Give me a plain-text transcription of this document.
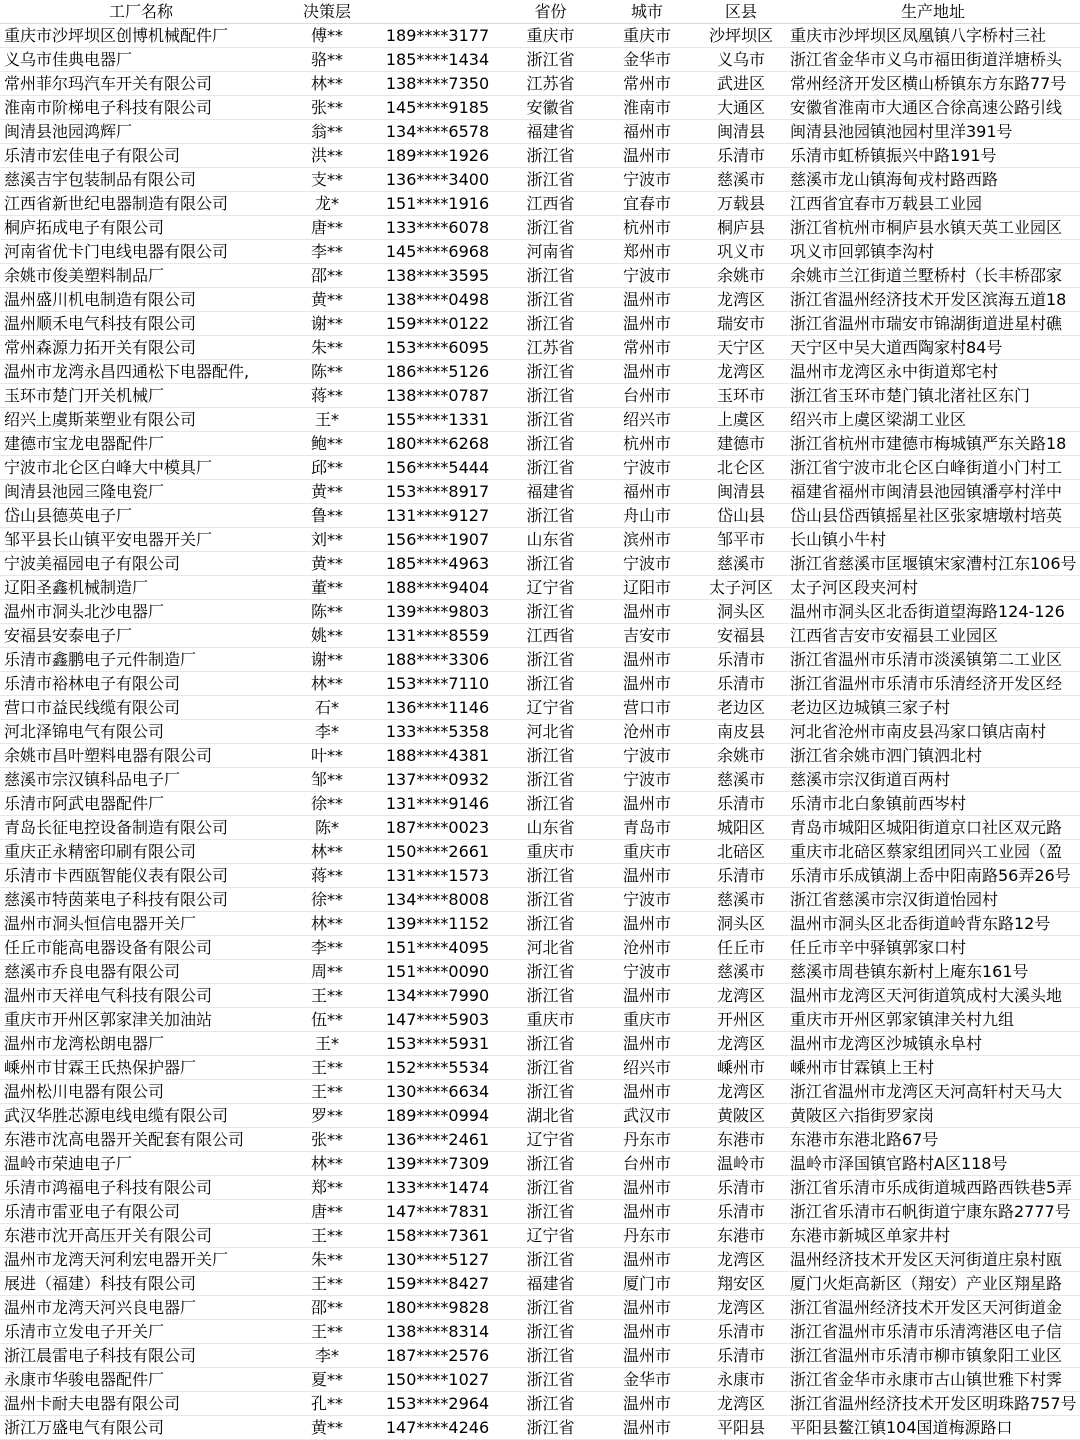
工厂名称	决策层		省份	城市	区县	生产地址
重庆市沙坪坝区创博机械配件厂	傅**	189****3177	重庆市	重庆市	沙坪坝区	重庆市沙坪坝区凤凰镇八字桥村三社
义乌市佳典电器厂	骆**	185****1434	浙江省	金华市	义乌市	浙江省金华市义乌市福田街道洋塘桥头
常州菲尔玛汽车开关有限公司	林**	138****7350	江苏省	常州市	武进区	常州经济开发区横山桥镇东方东路77号
淮南市阶梯电子科技有限公司	张**	145****9185	安徽省	淮南市	大通区	安徽省淮南市大通区合徐高速公路引线
闽清县池园鸿辉厂	翁**	134****6578	福建省	福州市	闽清县	闽清县池园镇池园村里洋391号
乐清市宏佳电子有限公司	洪**	189****1926	浙江省	温州市	乐清市	乐清市虹桥镇振兴中路191号
慈溪吉宇包装制品有限公司	支**	136****3400	浙江省	宁波市	慈溪市	慈溪市龙山镇海甸戎村路西路
江西省新世纪电器制造有限公司	龙*	151****1916	江西省	宜春市	万载县	江西省宜春市万载县工业园
桐庐拓成电子有限公司	唐**	133****6078	浙江省	杭州市	桐庐县	浙江省杭州市桐庐县水镇天英工业园区
河南省优卡门电线电器有限公司	李**	145****6968	河南省	郑州市	巩义市	巩义市回郭镇李沟村
余姚市俊美塑料制品厂	邵**	138****3595	浙江省	宁波市	余姚市	余姚市兰江街道兰墅桥村（长丰桥邵家
温州盛川机电制造有限公司	黄**	138****0498	浙江省	温州市	龙湾区	浙江省温州经济技术开发区滨海五道18
温州顺禾电气科技有限公司	谢**	159****0122	浙江省	温州市	瑞安市	浙江省温州市瑞安市锦湖街道进星村礁
常州森源力拓开关有限公司	朱**	153****6095	江苏省	常州市	天宁区	天宁区中吴大道西陶家村84号
温州市龙湾永昌四通松下电器配件,	陈**	186****5126	浙江省	温州市	龙湾区	温州市龙湾区永中街道郑宅村
玉环市楚门开关机械厂	蒋**	138****0787	浙江省	台州市	玉环市	浙江省玉环市楚门镇北渚社区东门
绍兴上虞斯莱塑业有限公司	王*	155****1331	浙江省	绍兴市	上虞区	绍兴市上虞区梁湖工业区
建德市宝龙电器配件厂	鲍**	180****6268	浙江省	杭州市	建德市	浙江省杭州市建德市梅城镇严东关路18
宁波市北仑区白峰大中模具厂	邱**	156****5444	浙江省	宁波市	北仑区	浙江省宁波市北仑区白峰街道小门村工
闽清县池园三隆电瓷厂	黄**	153****8917	福建省	福州市	闽清县	福建省福州市闽清县池园镇潘亭村洋中
岱山县德英电子厂	鲁**	131****9127	浙江省	舟山市	岱山县	岱山县岱西镇摇星社区张家塘墩村培英
邹平县长山镇平安电器开关厂	刘**	156****1907	山东省	滨州市	邹平市	长山镇小牛村
宁波美福园电子有限公司	黄**	185****4963	浙江省	宁波市	慈溪市	浙江省慈溪市匡堰镇宋家漕村江东106号
辽阳圣鑫机械制造厂	董**	188****9404	辽宁省	辽阳市	太子河区	太子河区段夹河村
温州市洞头北沙电器厂	陈**	139****9803	浙江省	温州市	洞头区	温州市洞头区北岙街道望海路124-126
安福县安泰电子厂	姚**	131****8559	江西省	吉安市	安福县	江西省吉安市安福县工业园区
乐清市鑫鹏电子元件制造厂	谢**	188****3306	浙江省	温州市	乐清市	浙江省温州市乐清市淡溪镇第二工业区
乐清市裕林电子有限公司	林**	153****7110	浙江省	温州市	乐清市	浙江省温州市乐清市乐清经济开发区经
营口市益民线缆有限公司	石*	136****1146	辽宁省	营口市	老边区	老边区边城镇三家子村
河北泽锦电气有限公司	李*	133****5358	河北省	沧州市	南皮县	河北省沧州市南皮县冯家口镇店南村
余姚市昌叶塑料电器有限公司	叶**	188****4381	浙江省	宁波市	余姚市	浙江省余姚市泗门镇泗北村
慈溪市宗汉镇科品电子厂	邹**	137****0932	浙江省	宁波市	慈溪市	慈溪市宗汉街道百两村
乐清市阿武电器配件厂	徐**	131****9146	浙江省	温州市	乐清市	乐清市北白象镇前西岑村
青岛长征电控设备制造有限公司	陈*	187****0023	山东省	青岛市	城阳区	青岛市城阳区城阳街道京口社区双元路
重庆正永精密印刷有限公司	林**	150****2661	重庆市	重庆市	北碚区	重庆市北碚区蔡家组团同兴工业园（盈
乐清市卡西瓯智能仪表有限公司	蒋**	131****1573	浙江省	温州市	乐清市	乐清市乐成镇湖上岙中阳南路56弄26号
慈溪市特茵莱电子科技有限公司	徐**	134****8008	浙江省	宁波市	慈溪市	浙江省慈溪市宗汉街道怡园村
温州市洞头恒信电器开关厂	林**	139****1152	浙江省	温州市	洞头区	温州市洞头区北岙街道岭背东路12号
任丘市能高电器设备有限公司	李**	151****4095	河北省	沧州市	任丘市	任丘市辛中驿镇郭家口村
慈溪市乔良电器有限公司	周**	151****0090	浙江省	宁波市	慈溪市	慈溪市周巷镇东新村上庵东161号
温州市天祥电气科技有限公司	王**	134****7990	浙江省	温州市	龙湾区	温州市龙湾区天河街道筑成村大溪头地
重庆市开州区郭家津关加油站	伍**	147****5903	重庆市	重庆市	开州区	重庆市开州区郭家镇津关村九组
温州市龙湾松朗电器厂	王*	153****5931	浙江省	温州市	龙湾区	温州市龙湾区沙城镇永阜村
嵊州市甘霖王氏热保护器厂	王**	152****5534	浙江省	绍兴市	嵊州市	嵊州市甘霖镇上王村
温州松川电器有限公司	王**	130****6634	浙江省	温州市	龙湾区	浙江省温州市龙湾区天河高轩村天马大
武汉华胜芯源电线电缆有限公司	罗**	189****0994	湖北省	武汉市	黄陂区	黄陂区六指街罗家岗
东港市沈高电器开关配套有限公司	张**	136****2461	辽宁省	丹东市	东港市	东港市东港北路67号
温岭市荣迪电子厂	林**	139****7309	浙江省	台州市	温岭市	温岭市泽国镇官路村A区118号
乐清市鸿福电子科技有限公司	郑**	133****1474	浙江省	温州市	乐清市	浙江省乐清市乐成街道城西路西铁巷5弄
乐清市雷亚电子有限公司	唐**	147****7831	浙江省	温州市	乐清市	浙江省乐清市石帆街道宁康东路2777号
东港市沈开高压开关有限公司	王**	158****7361	辽宁省	丹东市	东港市	东港市新城区单家井村
温州市龙湾天河利宏电器开关厂	朱**	130****5127	浙江省	温州市	龙湾区	温州经济技术开发区天河街道庄泉村瓯
展进（福建）科技有限公司	王**	159****8427	福建省	厦门市	翔安区	厦门火炬高新区（翔安）产业区翔星路
温州市龙湾天河兴良电器厂	邵**	180****9828	浙江省	温州市	龙湾区	浙江省温州经济技术开发区天河街道金
乐清市立发电子开关厂	王**	138****8314	浙江省	温州市	乐清市	浙江省温州市乐清市乐清湾港区电子信
浙江晨雷电子科技有限公司	李*	187****2576	浙江省	温州市	乐清市	浙江省温州市乐清市柳市镇象阳工业区
永康市华骏电器配件厂	夏**	150****1027	浙江省	金华市	永康市	浙江省金华市永康市古山镇世雅下村霁
温州卡耐夫电器有限公司	孔**	153****2964	浙江省	温州市	龙湾区	浙江省温州经济技术开发区明珠路757号
浙江万盛电气有限公司	黄**	147****4246	浙江省	温州市	平阳县	平阳县鳌江镇104国道梅源路口
